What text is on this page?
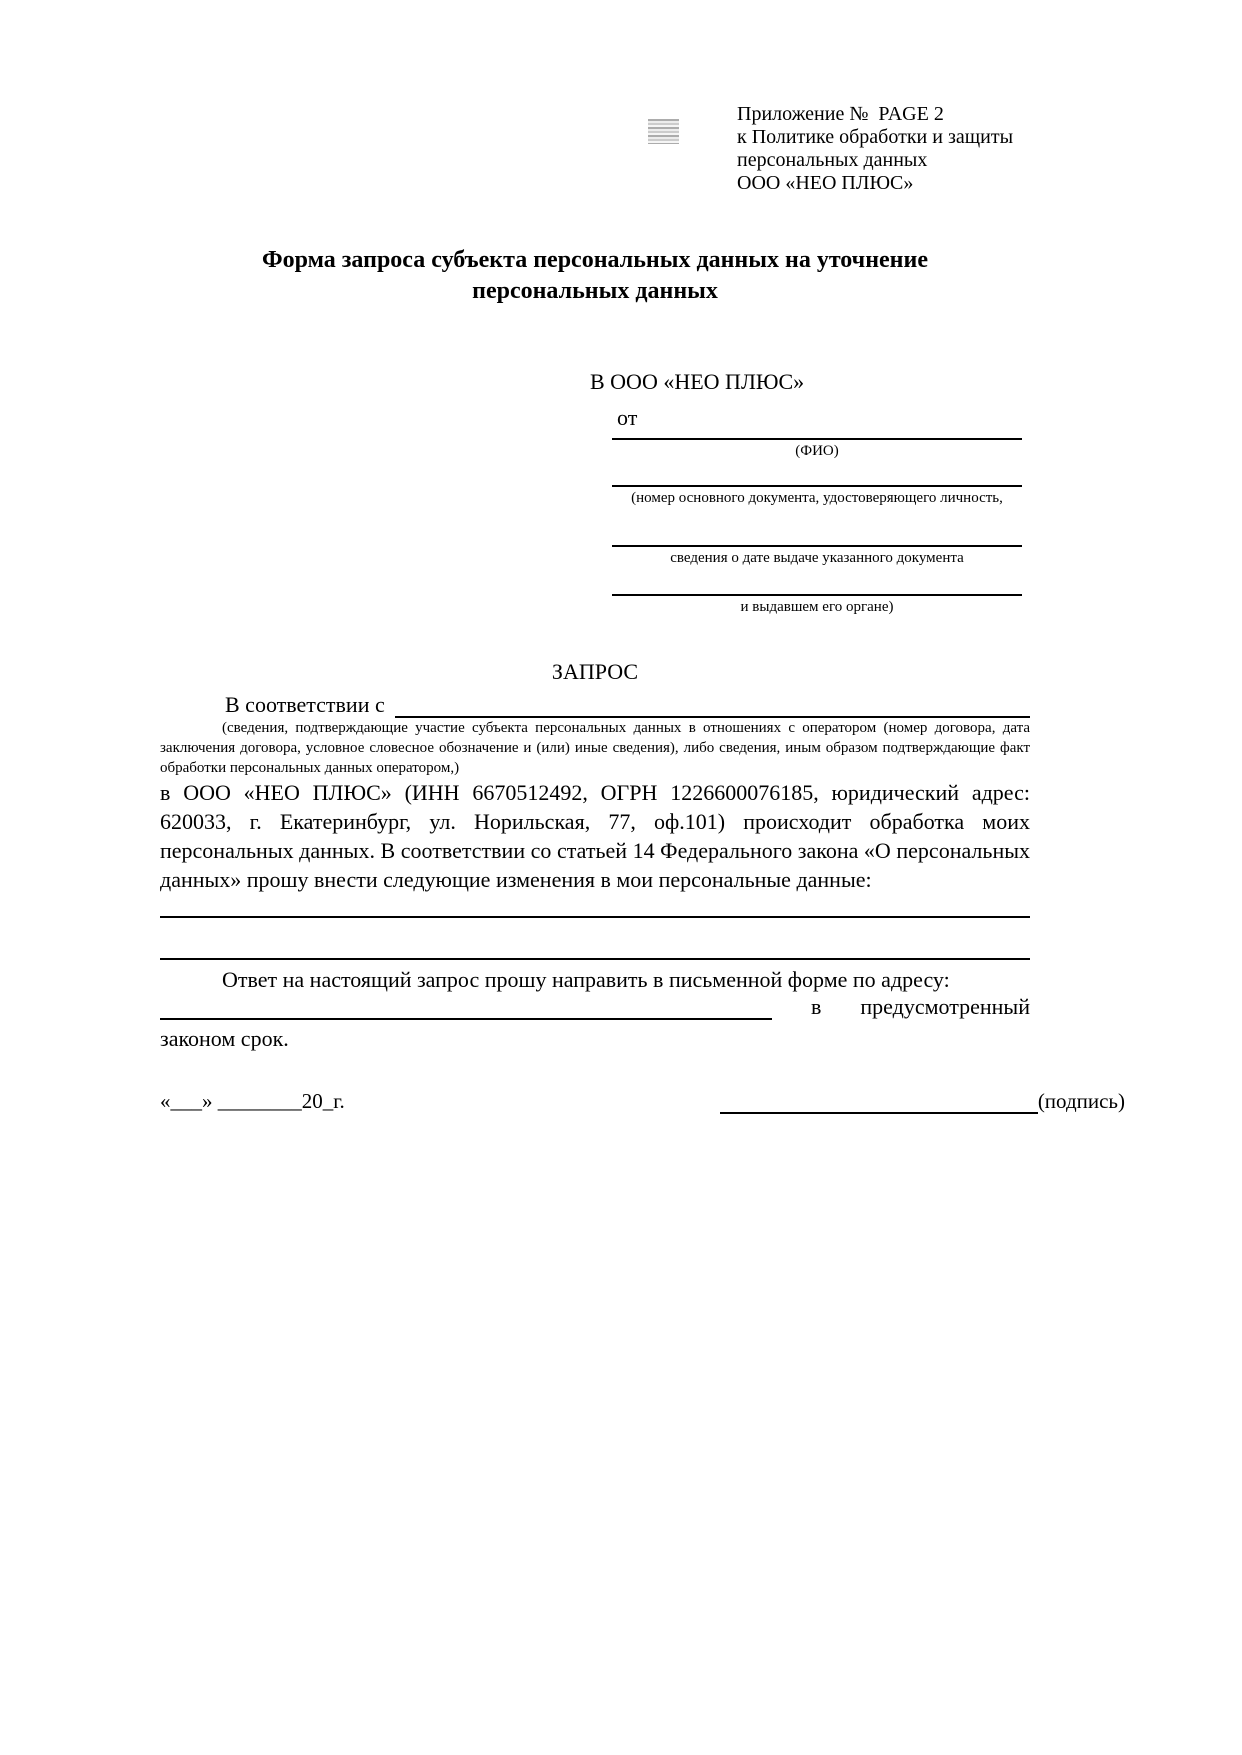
Приложение №  PAGE 2
к Политике обработки и защиты
персональных данных
ООО «НЕО ПЛЮС»
Форма запроса субъекта персональных данных на уточнение персональных данных
В ООО «НЕО ПЛЮС»
от
(ФИО)
(номер основного документа, удостоверяющего личность,
сведения о дате выдаче указанного документа
и выдавшем его органе)
ЗАПРОС
В соответствии с
(сведения, подтверждающие участие субъекта персональных данных в отношениях с оператором (номер договора, дата заключения договора, условное словесное обозначение и (или) иные сведения), либо сведения, иным образом подтверждающие факт обработки персональных данных оператором,)
в ООО «НЕО ПЛЮС» (ИНН 6670512492, ОГРН 1226600076185, юридический адрес: 620033, г. Екатеринбург, ул. Норильская, 77, оф.101) происходит обработка моих персональных данных. В соответствии со статьей 14 Федерального закона «О персональных данных» прошу внести следующие изменения в мои персональные данные:
Ответ на настоящий запрос прошу направить в письменной форме по адресу:
в предусмотренный
законом срок.
«___» ________20_г.	(подпись)
